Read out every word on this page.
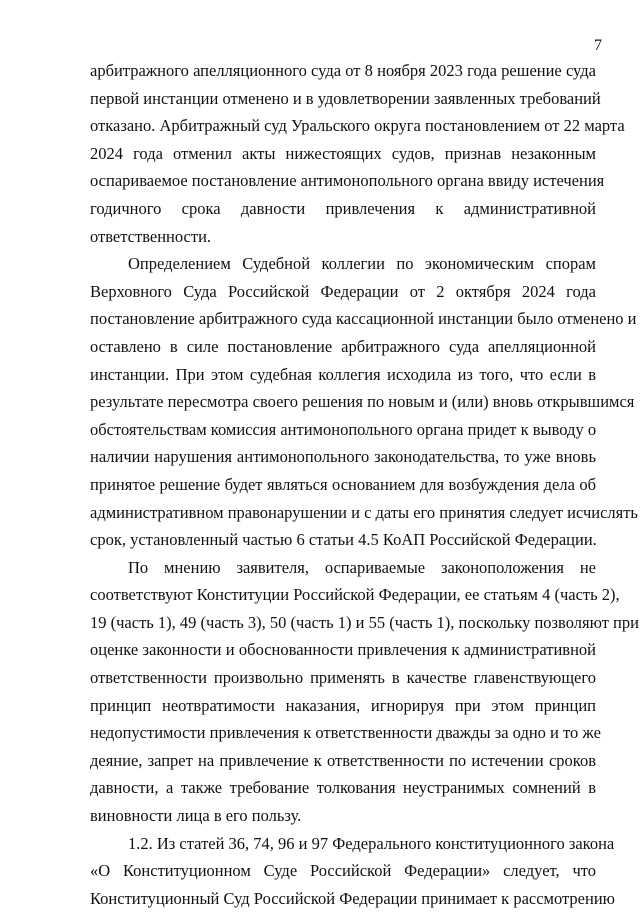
7
арбитражного апелляционного суда от 8 ноября 2023 года решение суда
первой инстанции отменено и в удовлетворении заявленных требований
отказано. Арбитражный суд Уральского округа постановлением от 22 марта
2024 года отменил акты нижестоящих судов, признав незаконным
оспариваемое постановление антимонопольного органа ввиду истечения
годичного срока давности привлечения к административной
ответственности.
Определением Судебной коллегии по экономическим спорам
Верховного Суда Российской Федерации от 2 октября 2024 года
постановление арбитражного суда кассационной инстанции было отменено и
оставлено в силе постановление арбитражного суда апелляционной
инстанции. При этом судебная коллегия исходила из того, что если в
результате пересмотра своего решения по новым и (или) вновь открывшимся
обстоятельствам комиссия антимонопольного органа придет к выводу о
наличии нарушения антимонопольного законодательства, то уже вновь
принятое решение будет являться основанием для возбуждения дела об
административном правонарушении и с даты его принятия следует исчислять
срок, установленный частью 6 статьи 4.5 КоАП Российской Федерации.
По мнению заявителя, оспариваемые законоположения не
соответствуют Конституции Российской Федерации, ее статьям 4 (часть 2),
19 (часть 1), 49 (часть 3), 50 (часть 1) и 55 (часть 1), поскольку позволяют при
оценке законности и обоснованности привлечения к административной
ответственности произвольно применять в качестве главенствующего
принцип неотвратимости наказания, игнорируя при этом принцип
недопустимости привлечения к ответственности дважды за одно и то же
деяние, запрет на привлечение к ответственности по истечении сроков
давности, а также требование толкования неустранимых сомнений в
виновности лица в его пользу.
1.2. Из статей 36, 74, 96 и 97 Федерального конституционного закона
«О Конституционном Суде Российской Федерации» следует, что
Конституционный Суд Российской Федерации принимает к рассмотрению
